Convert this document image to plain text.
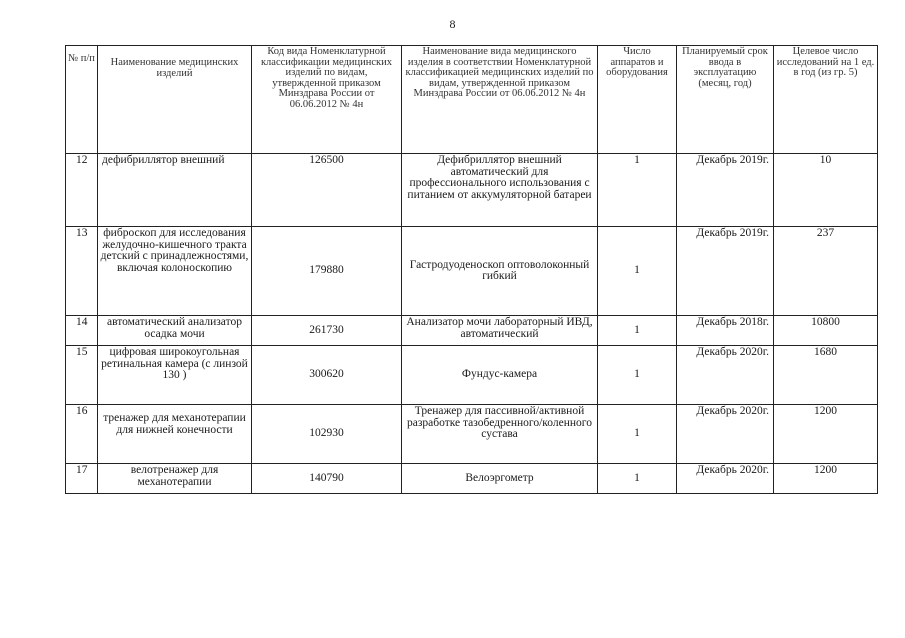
8
№ п/п	Наименование медицинских изделий	Код вида Номенклатурной классификации медицинских изделий по видам, утвержденной приказом Минздрава России от 06.06.2012 № 4н	Наименование вида медицинского изделия в соответствии Номенклатурной классификацией медицинских изделий по видам, утвержденной приказом Минздрава России от 06.06.2012 № 4н	Число аппаратов и оборудования	Планируемый срок ввода в эксплуатацию (месяц, год)	Целевое число исследований на 1 ед. в год (из гр. 5)
12	дефибриллятор внешний	126500	Дефибриллятор внешний автоматический для профессионального использования с питанием от аккумуляторной батареи	1	Декабрь 2019г.	10
13	фиброскоп для исследования желудочно-кишечного тракта детский с принадлежностями, включая колоноскопию	179880	Гастродуоденоскоп оптоволоконный гибкий	1	Декабрь 2019г.	237
14	автоматический анализатор осадка мочи	261730	Анализатор мочи лабораторный ИВД, автоматический	1	Декабрь 2018г.	10800
15	цифровая широкоугольная ретинальная камера (с линзой 130 )	300620	Фундус-камера	1	Декабрь 2020г.	1680
16	тренажер для механотерапии для нижней конечности	102930	Тренажер для пассивной/активной разработке тазобедренного/коленного сустава	1	Декабрь 2020г.	1200
17	велотренажер для механотерапии	140790	Велоэргометр	1	Декабрь 2020г.	1200
